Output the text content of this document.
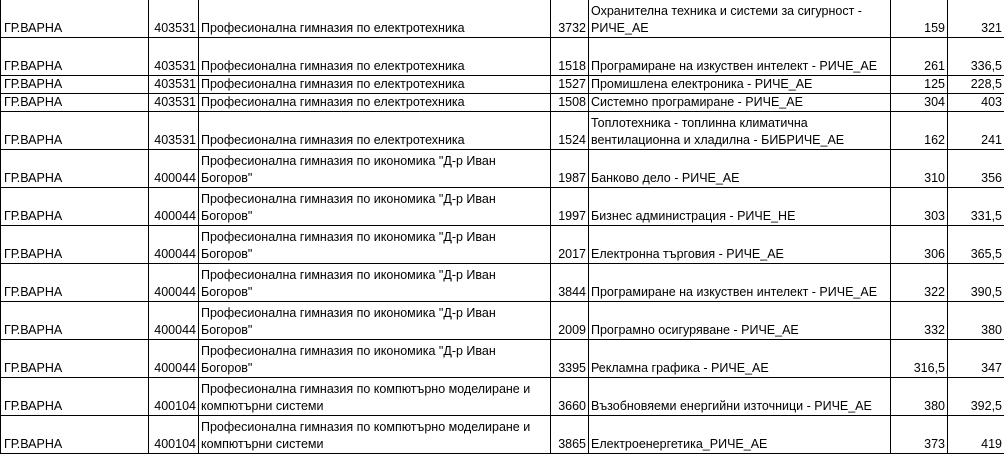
ГР.ВАРНА	403531	Професионална гимназия по електротехника	3732	Охранителна техника и системи за сигурност - РИЧЕ_АЕ	159	321
ГР.ВАРНА	403531	Професионална гимназия по електротехника	1518	Програмиране на изкуствен интелект - РИЧЕ_АЕ	261	336,5
ГР.ВАРНА	403531	Професионална гимназия по електротехника	1527	Промишлена електроника - РИЧЕ_АЕ	125	228,5
ГР.ВАРНА	403531	Професионална гимназия по електротехника	1508	Системно програмиране - РИЧЕ_АЕ	304	403
ГР.ВАРНА	403531	Професионална гимназия по електротехника	1524	Топлотехника - топлинна климатична вентилационна и хладилна - БИБРИЧЕ_АЕ	162	241
ГР.ВАРНА	400044	Професионална гимназия по икономика "Д-р Иван Богоров"	1987	Банково дело - РИЧЕ_АЕ	310	356
ГР.ВАРНА	400044	Професионална гимназия по икономика "Д-р Иван Богоров"	1997	Бизнес администрация - РИЧЕ_НЕ	303	331,5
ГР.ВАРНА	400044	Професионална гимназия по икономика "Д-р Иван Богоров"	2017	Електронна търговия - РИЧЕ_АЕ	306	365,5
ГР.ВАРНА	400044	Професионална гимназия по икономика "Д-р Иван Богоров"	3844	Програмиране на изкуствен интелект - РИЧЕ_АЕ	322	390,5
ГР.ВАРНА	400044	Професионална гимназия по икономика "Д-р Иван Богоров"	2009	Програмно осигуряване - РИЧЕ_АЕ	332	380
ГР.ВАРНА	400044	Професионална гимназия по икономика "Д-р Иван Богоров"	3395	Рекламна графика - РИЧЕ_АЕ	316,5	347
ГР.ВАРНА	400104	Професионална гимназия по компютърно моделиране и компютърни системи	3660	Възобновяеми енергийни източници - РИЧЕ_АЕ	380	392,5
ГР.ВАРНА	400104	Професионална гимназия по компютърно моделиране и компютърни системи	3865	Електроенергетика_РИЧЕ_АЕ	373	419
